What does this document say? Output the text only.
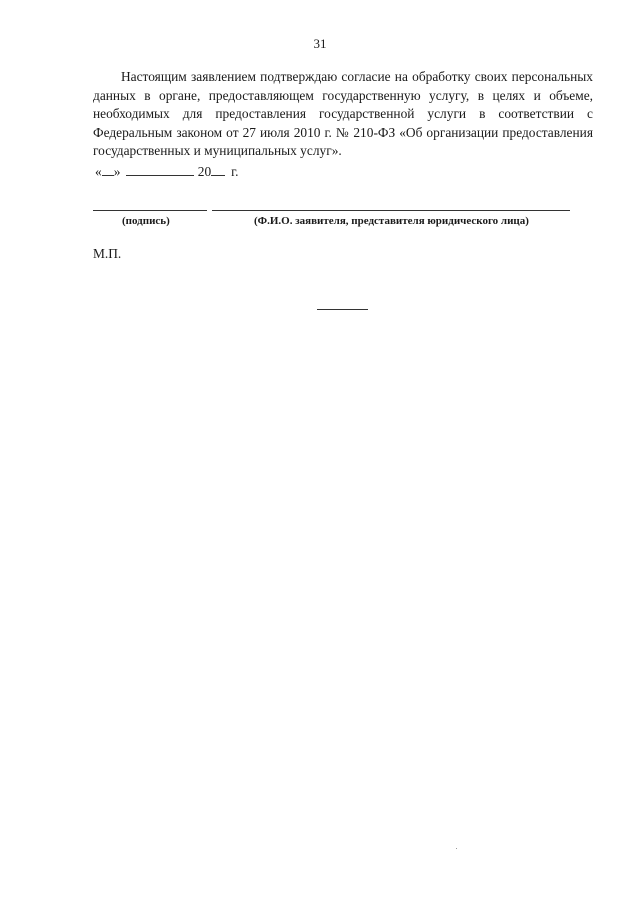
31

Настоящим заявлением подтверждаю согласие на обработку своих персональных данных в органе, предоставляющем государственную услугу, в целях и объеме, необходимых для предоставления государственной услуги в соответствии с Федеральным законом от 27 июля 2010 г. № 210-ФЗ «Об организации предоставления государственных и муниципальных услуг».

« »	20 г.
(подпись)	(Ф.И.О. заявителя, представителя юридического лица)
М.П.
